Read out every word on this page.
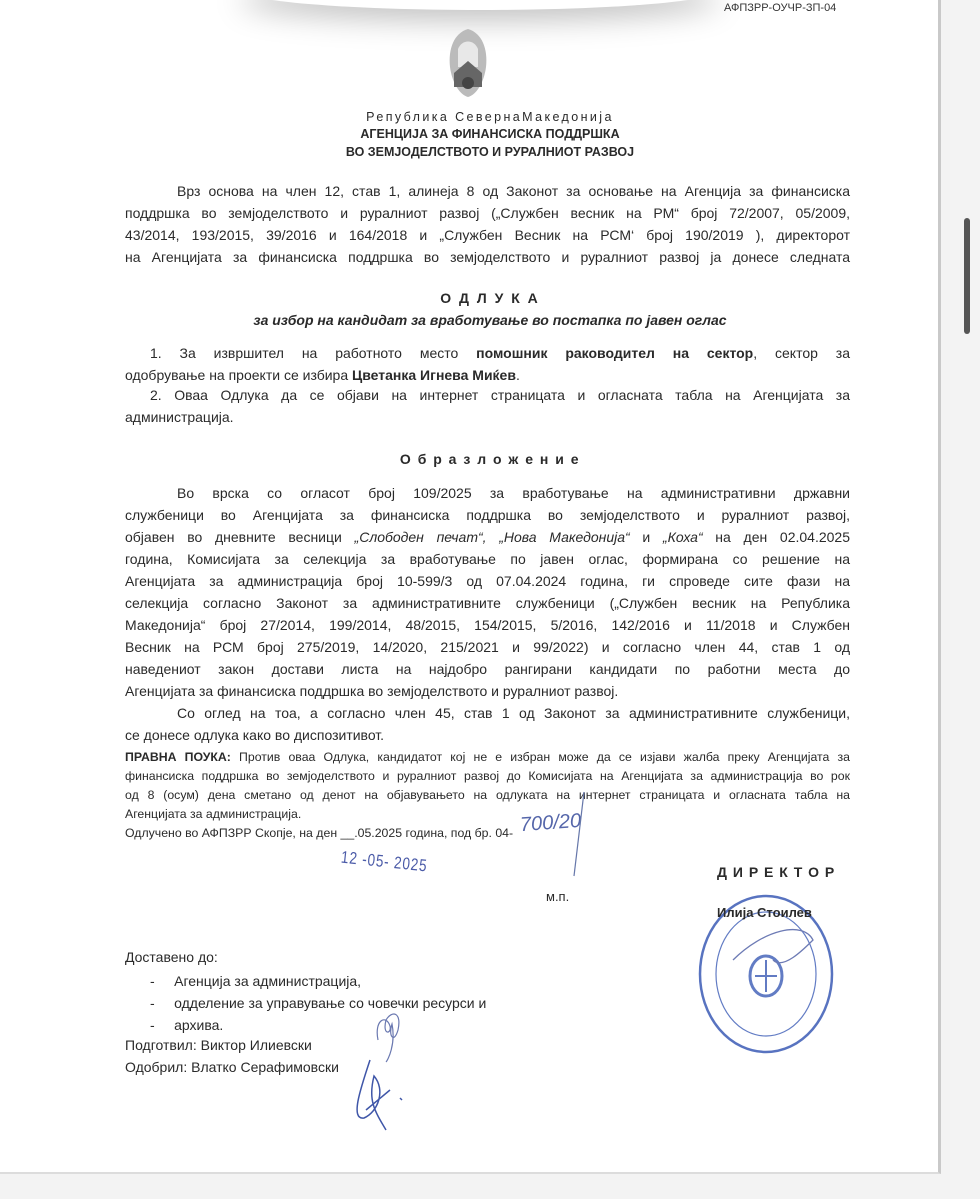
АФПЗРР-ОУЧР-ЗП-04
Република СевернаМакедонија
АГЕНЦИЈА ЗА ФИНАНСИСКА ПОДДРШКА
ВО ЗЕМЈОДЕЛСТВОТО И РУРАЛНИОТ РАЗВОЈ
Врз основа на член 12, став 1, алинеја 8 од Законот за основање на Агенција за финансиска
поддршка во земјоделството и руралниот развој („Службен весник на РМ“ број 72/2007, 05/2009,
43/2014, 193/2015, 39/2016 и 164/2018 и „Службен Весник на РСМ‘ број 190/2019 ), директорот
на Агенцијата за финансиска поддршка во земјоделството и руралниот развој ја донесе следната
О Д Л У К А
за избор на кандидат за вработување во постапка по јавен оглас
1. За извршител на работното место помошник раководител на сектор, сектор за
одобрување на проекти се избира Цветанка Игнева Миќев.
2. Оваа Одлука да се објави на интернет страницата и огласната табла на Агенцијата за
администрација.
О б р а з л о ж е н и е
Во врска со огласот број 109/2025 за вработување на административни државни
службеници во Агенцијата за финансиска поддршка во земјоделството и руралниот развој,
објавен во дневните весници „Слободен печат“, „Нова Македонија“ и „Коха“ на ден 02.04.2025
година, Комисијата за селекција за вработување по јавен оглас, формирана со решение на
Агенцијата за администрација број 10-599/3 од 07.04.2024 година, ги спроведе сите фази на
селекција согласно Законот за административните службеници („Службен весник на Република
Македонија“ број 27/2014, 199/2014, 48/2015, 154/2015, 5/2016, 142/2016 и 11/2018 и Службен
Весник на РСМ број 275/2019, 14/2020, 215/2021 и 99/2022) и согласно член 44, став 1 од
наведениот закон достави листа на најдобро рангирани кандидати по работни места до
Агенцијата за финансиска поддршка во земјоделството и руралниот развој.
Со оглед на тоа, а согласно член 45, став 1 од Законот за административните службеници,
се донесе одлука како во диспозитивот.
ПРАВНА ПОУКА: Против оваа Одлука, кандидатот кој не е избран може да се изјави жалба преку Агенцијата за
финансиска поддршка во земјоделството и руралниот развој до Комисијата на Агенцијата за администрација во рок
од 8 (осум) дена сметано од денот на објавувањето на одлуката на интернет страницата и огласната табла на
Агенцијата за администрација.
Одлучено во АФПЗРР Скопје, на ден __.05.2025 година, под бр. 04- 700/20
12 -05- 2025
м.п.
Д И Р Е К Т О Р
Илија Стоилев
Доставено до:
-     Агенција за администрација,
-     одделение за управување со човечки ресурси и
-     архива.
Подготвил: Виктор Илиевски
Одобрил: Влатко Серафимовски
